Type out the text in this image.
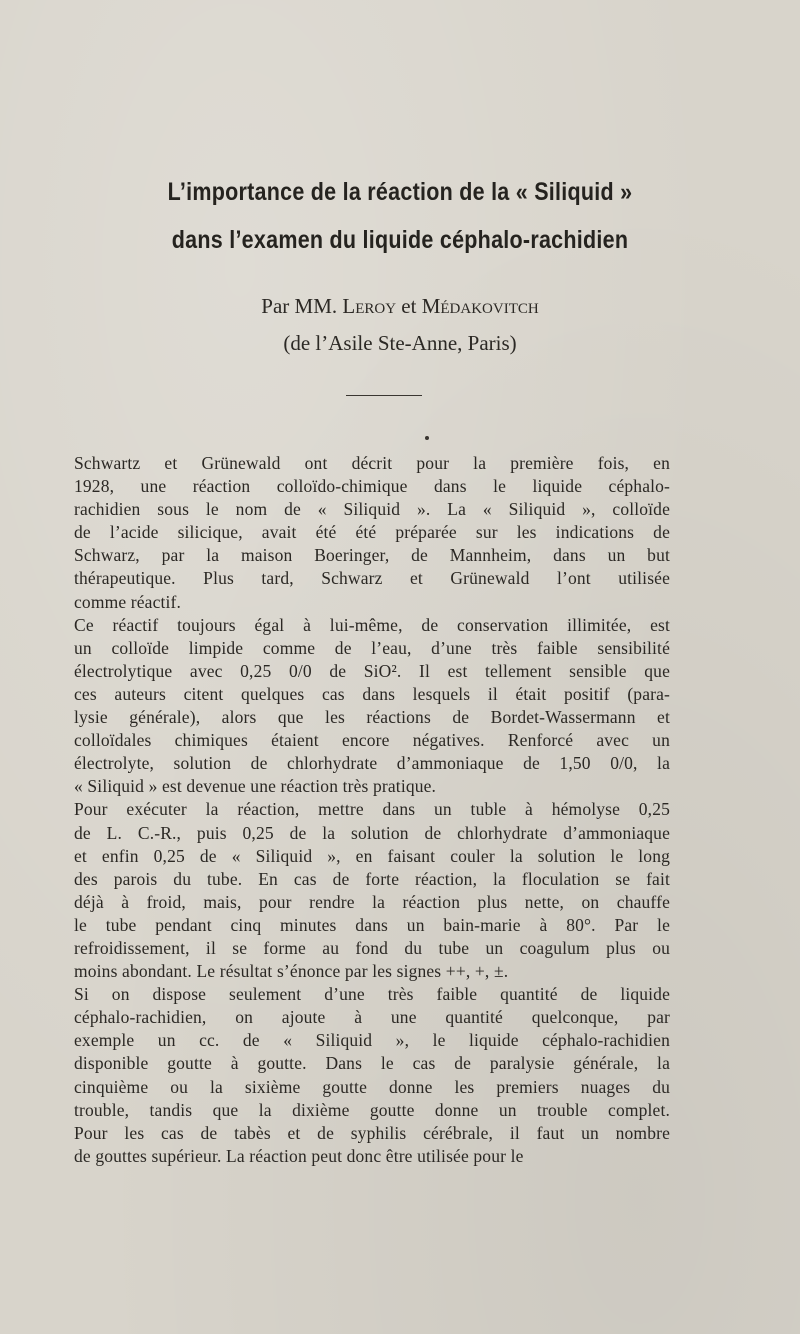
L’importance de la réaction de la « Siliquid »
dans l’examen du liquide céphalo-rachidien
Par MM. Leroy et Médakovitch
(de l’Asile Ste-Anne, Paris)

Schwartz et Grünewald ont décrit pour la première fois, en
1928, une réaction colloïdo-chimique dans le liquide céphalo-
rachidien sous le nom de « Siliquid ». La « Siliquid », colloïde
de l’acide silicique, avait été été préparée sur les indications de
Schwarz, par la maison Boeringer, de Mannheim, dans un but
thérapeutique. Plus tard, Schwarz et Grünewald l’ont utilisée
comme réactif.

Ce réactif toujours égal à lui-même, de conservation illimitée, est
un colloïde limpide comme de l’eau, d’une très faible sensibilité
électrolytique avec 0,25 0/0 de SiO². Il est tellement sensible que
ces auteurs citent quelques cas dans lesquels il était positif (para-
lysie générale), alors que les réactions de Bordet-Wassermann et
colloïdales chimiques étaient encore négatives. Renforcé avec un
électrolyte, solution de chlorhydrate d’ammoniaque de 1,50 0/0, la
« Siliquid » est devenue une réaction très pratique.

Pour exécuter la réaction, mettre dans un tuble à hémolyse 0,25
de L. C.-R., puis 0,25 de la solution de chlorhydrate d’ammoniaque
et enfin 0,25 de « Siliquid », en faisant couler la solution le long
des parois du tube. En cas de forte réaction, la floculation se fait
déjà à froid, mais, pour rendre la réaction plus nette, on chauffe
le tube pendant cinq minutes dans un bain-marie à 80°. Par le
refroidissement, il se forme au fond du tube un coagulum plus ou
moins abondant. Le résultat s’énonce par les signes ++, +, ±.

Si on dispose seulement d’une très faible quantité de liquide
céphalo-rachidien, on ajoute à une quantité quelconque, par
exemple un cc. de « Siliquid », le liquide céphalo-rachidien
disponible goutte à goutte. Dans le cas de paralysie générale, la
cinquième ou la sixième goutte donne les premiers nuages du
trouble, tandis que la dixième goutte donne un trouble complet.
Pour les cas de tabès et de syphilis cérébrale, il faut un nombre
de gouttes supérieur. La réaction peut donc être utilisée pour le
